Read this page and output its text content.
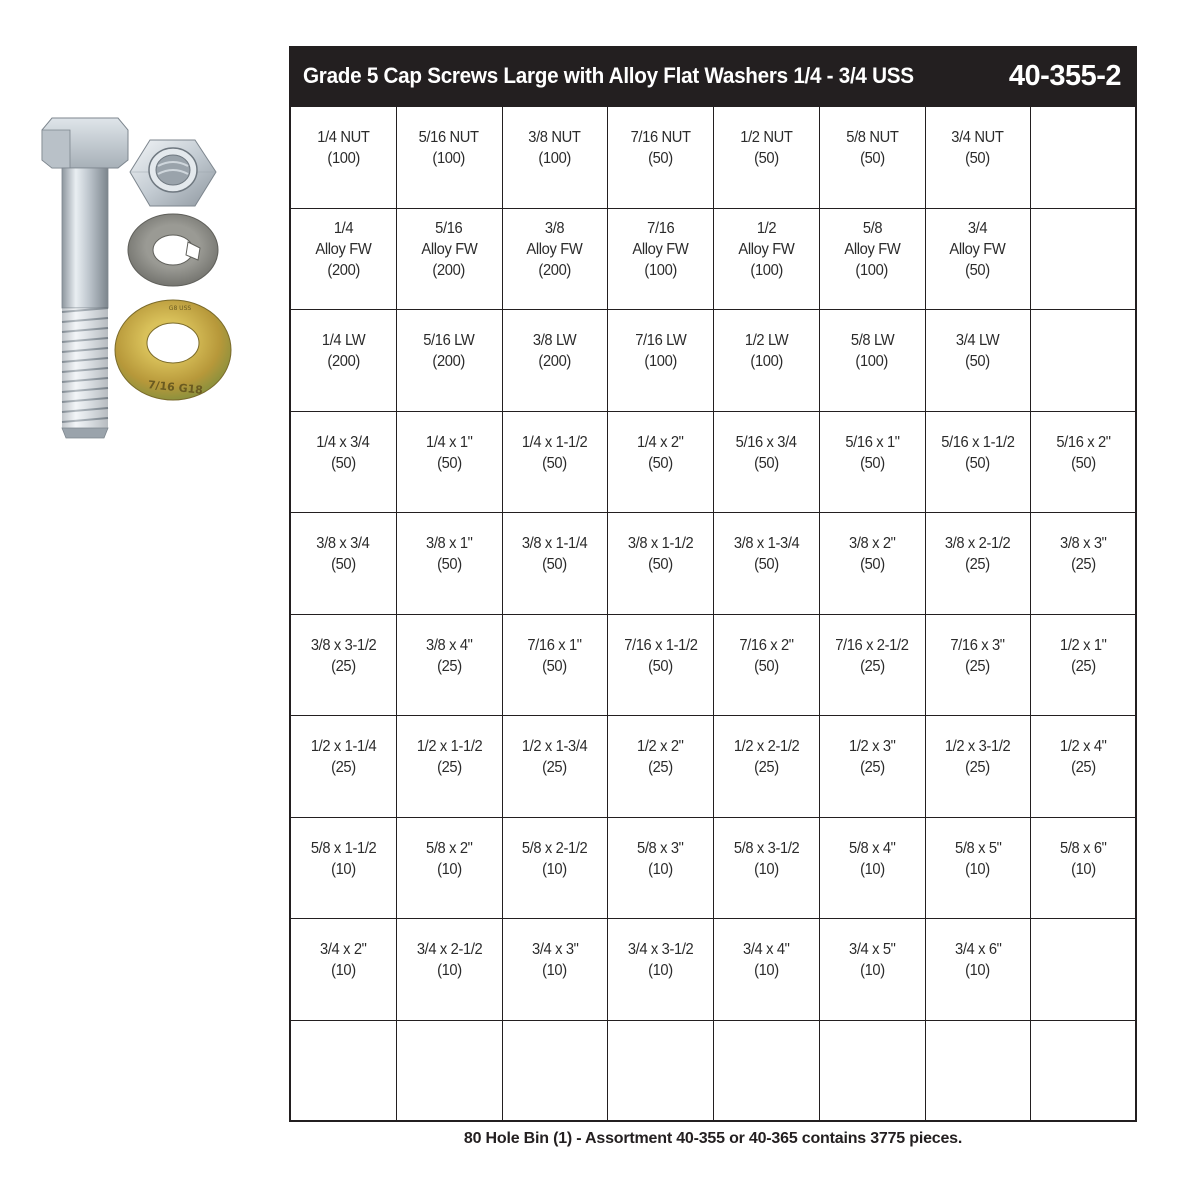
7/16 G18
G8 USS
Grade 5 Cap Screws Large with Alloy Flat Washers 1/4 - 3/4 USS	40-355-2
1/4 NUT
(100)
5/16 NUT
(100)
3/8 NUT
(100)
7/16 NUT
(50)
1/2 NUT
(50)
5/8 NUT
(50)
3/4 NUT
(50)
1/4
Alloy FW
(200)
5/16
Alloy FW
(200)
3/8
Alloy FW
(200)
7/16
Alloy FW
(100)
1/2
Alloy FW
(100)
5/8
Alloy FW
(100)
3/4
Alloy FW
(50)
1/4 LW
(200)
5/16 LW
(200)
3/8 LW
(200)
7/16 LW
(100)
1/2 LW
(100)
5/8 LW
(100)
3/4 LW
(50)
1/4 x 3/4
(50)
1/4 x 1"
(50)
1/4 x 1-1/2
(50)
1/4 x 2"
(50)
5/16 x 3/4
(50)
5/16 x 1"
(50)
5/16 x 1-1/2
(50)
5/16 x 2"
(50)
3/8 x 3/4
(50)
3/8 x 1"
(50)
3/8 x 1-1/4
(50)
3/8 x 1-1/2
(50)
3/8 x 1-3/4
(50)
3/8 x 2"
(50)
3/8 x 2-1/2
(25)
3/8 x 3"
(25)
3/8 x 3-1/2
(25)
3/8 x 4"
(25)
7/16 x 1"
(50)
7/16 x 1-1/2
(50)
7/16 x 2"
(50)
7/16 x 2-1/2
(25)
7/16 x 3"
(25)
1/2 x 1"
(25)
1/2 x 1-1/4
(25)
1/2 x 1-1/2
(25)
1/2 x 1-3/4
(25)
1/2 x 2"
(25)
1/2 x 2-1/2
(25)
1/2 x 3"
(25)
1/2 x 3-1/2
(25)
1/2 x 4"
(25)
5/8 x 1-1/2
(10)
5/8 x 2"
(10)
5/8 x 2-1/2
(10)
5/8 x 3"
(10)
5/8 x 3-1/2
(10)
5/8 x 4"
(10)
5/8 x 5"
(10)
5/8 x 6"
(10)
3/4 x 2"
(10)
3/4 x 2-1/2
(10)
3/4 x 3"
(10)
3/4 x 3-1/2
(10)
3/4 x 4"
(10)
3/4 x 5"
(10)
3/4 x 6"
(10)
80 Hole Bin (1) - Assortment 40-355 or 40-365 contains 3775 pieces.
